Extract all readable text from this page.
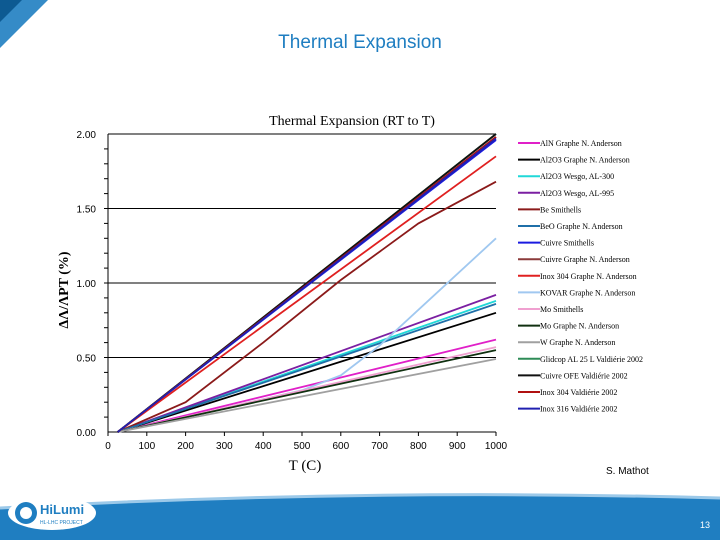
Thermal Expansion
Thermal Expansion (RT to T)
0.00
0.50
1.00
1.50
2.00
0	100 200 300 400 500 600 700 800 900 1000
T (C)
ΔΛ/ΛPT (%)
AlN Graphe N. Anderson
Al2O3 Graphe N. Anderson
Al2O3 Wesgo, AL-300
Al2O3 Wesgo, AL-995
Be Smithells
BeO Graphe N. Anderson
Cuivre Smithells
Cuivre Graphe N. Anderson
Inox 304 Graphe N. Anderson
KOVAR Graphe N. Anderson
Mo Smithells
Mo Graphe N. Anderson
W Graphe N. Anderson
Glidcop AL 25 L Valdiérie 2002
Cuivre OFE Valdiérie 2002
Inox 304 Valdiérie 2002
Inox 316 Valdiérie 2002
HiLumi
HL-LHC PROJECT
S. Mathot
13
